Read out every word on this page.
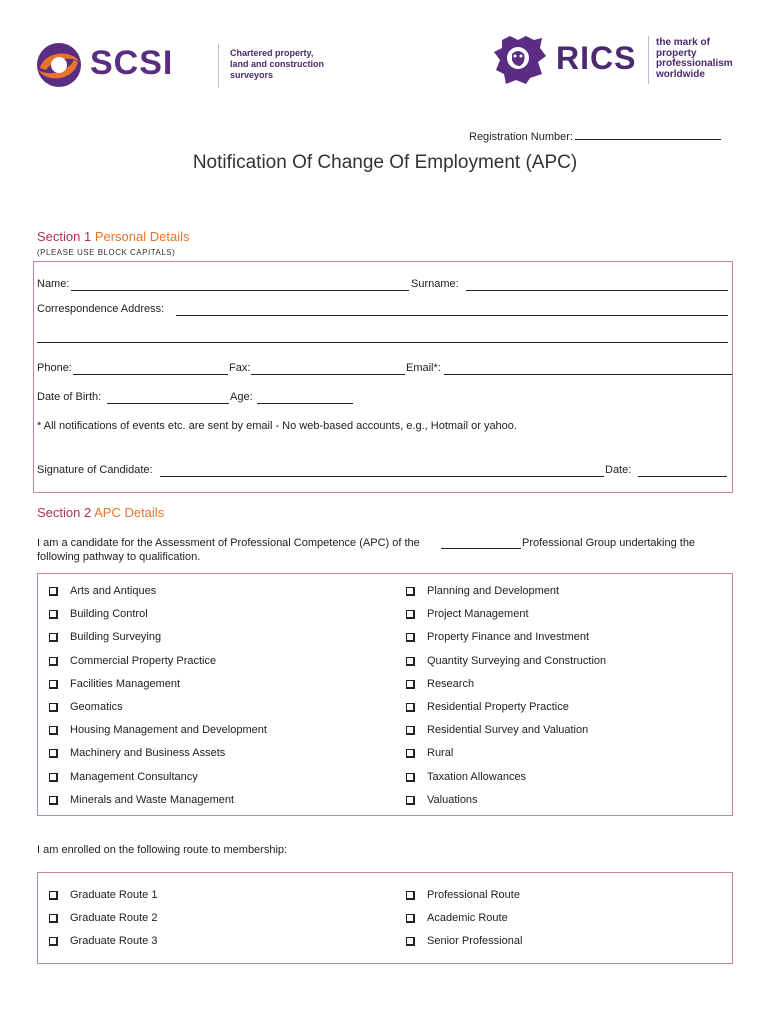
SCSI	Chartered property,
land and construction
surveyors	RICS the mark of
property
professionalism
worldwide
Registration Number:
Notification Of Change Of Employment (APC)
Section 1 Personal Details
(PLEASE USE BLOCK CAPITALS)
Name:	Surname:
Correspondence Address:
Phone:	Fax:	Email*:
Date of Birth:	Age:
* All notifications of events etc. are sent by email - No web-based accounts, e.g., Hotmail or yahoo.
Signature of Candidate:	Date:
Section 2 APC Details
I am a candidate for the Assessment of Professional Competence (APC) of the	Professional Group undertaking the
following pathway to qualification.
Arts and Antiques
Building Control
Building Surveying
Commercial Property Practice
Facilities Management
Geomatics
Housing Management and Development
Machinery and Business Assets
Management Consultancy
Minerals and Waste Management
Planning and Development
Project Management
Property Finance and Investment
Quantity Surveying and Construction
Research
Residential Property Practice
Residential Survey and Valuation
Rural
Taxation Allowances
Valuations
I am enrolled on the following route to membership:
Graduate Route 1
Graduate Route 2
Graduate Route 3
Professional Route
Academic Route
Senior Professional
